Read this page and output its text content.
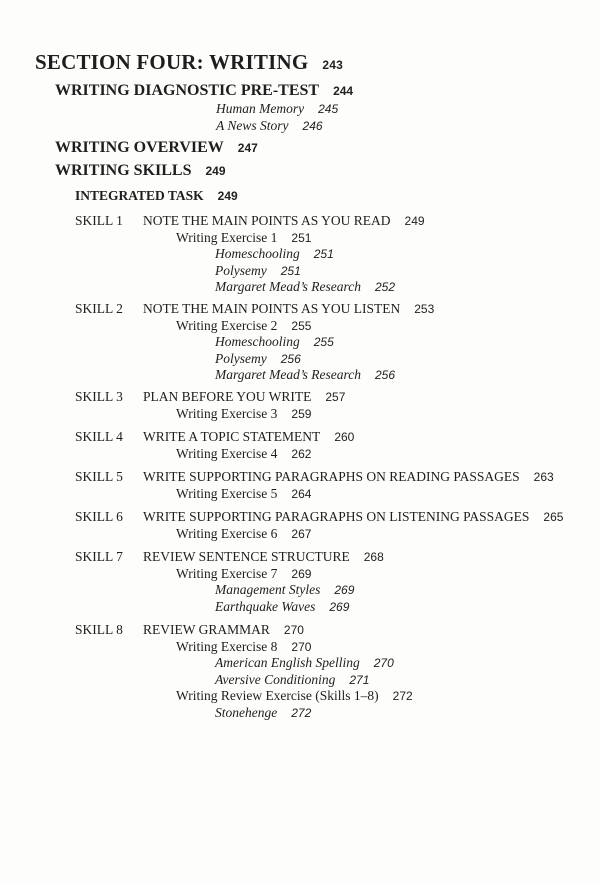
SECTION FOUR: WRITING 243
WRITING DIAGNOSTIC PRE-TEST 244
Human Memory 245
A News Story 246
WRITING OVERVIEW 247
WRITING SKILLS 249
INTEGRATED TASK 249
SKILL 1 NOTE THE MAIN POINTS AS YOU READ 249
Writing Exercise 1 251
Homeschooling 251
Polysemy 251
Margaret Mead’s Research 252
SKILL 2 NOTE THE MAIN POINTS AS YOU LISTEN 253
Writing Exercise 2 255
Homeschooling 255
Polysemy 256
Margaret Mead’s Research 256
SKILL 3 PLAN BEFORE YOU WRITE 257
Writing Exercise 3 259
SKILL 4 WRITE A TOPIC STATEMENT 260
Writing Exercise 4 262
SKILL 5 WRITE SUPPORTING PARAGRAPHS ON READING PASSAGES 263
Writing Exercise 5 264
SKILL 6 WRITE SUPPORTING PARAGRAPHS ON LISTENING PASSAGES 265
Writing Exercise 6 267
SKILL 7 REVIEW SENTENCE STRUCTURE 268
Writing Exercise 7 269
Management Styles 269
Earthquake Waves 269
SKILL 8 REVIEW GRAMMAR 270
Writing Exercise 8 270
American English Spelling 270
Aversive Conditioning 271
Writing Review Exercise (Skills 1–8) 272
Stonehenge 272
